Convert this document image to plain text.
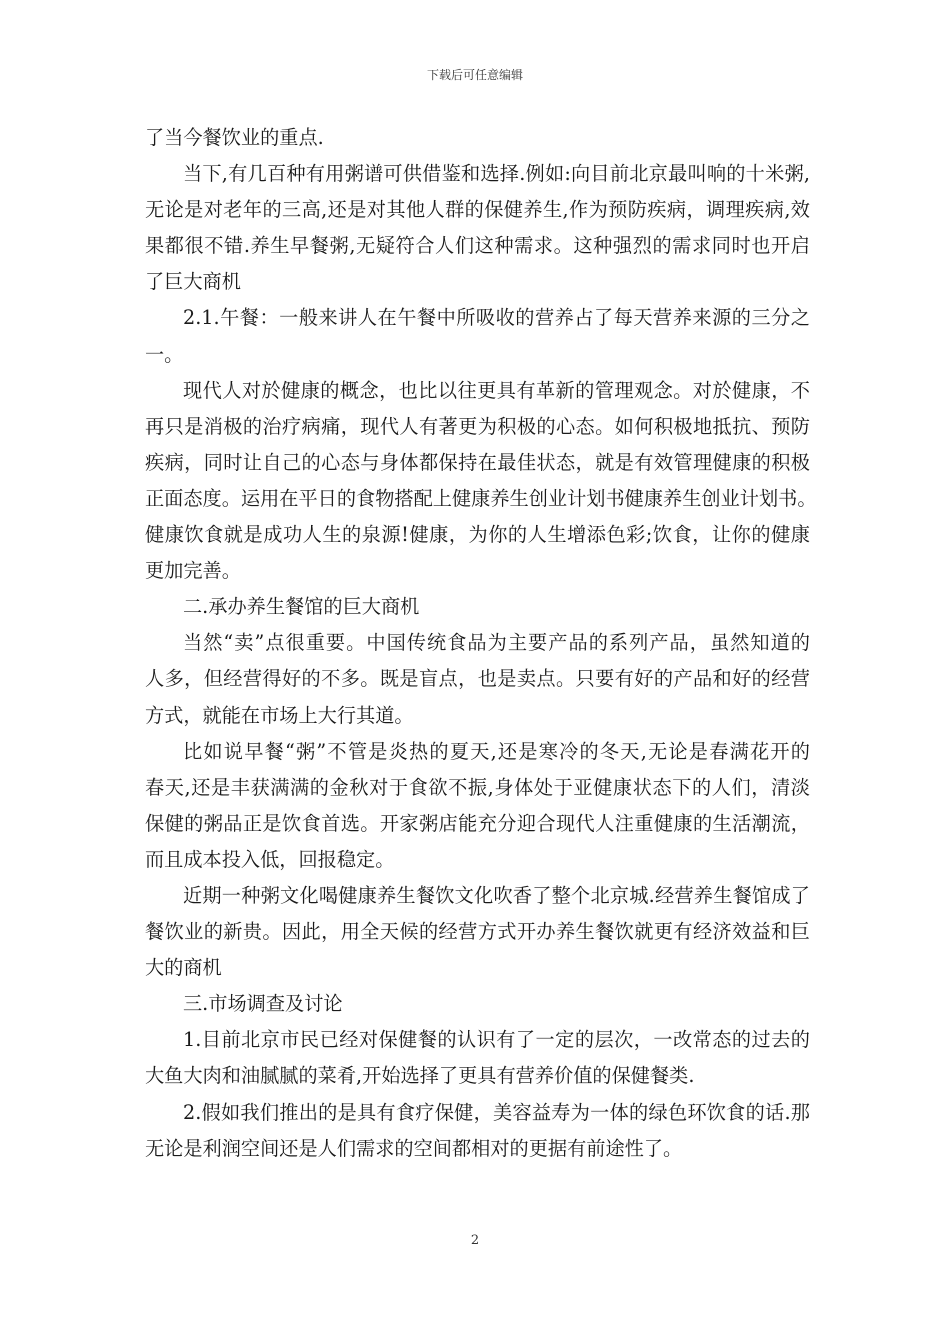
下载后可任意编辑
了当今餐饮业的重点.
当下,有几百种有用粥谱可供借鉴和选择.例如:向目前北京最叫响的十米粥,
无论是对老年的三高,还是对其他人群的保健养生,作为预防疾病，调理疾病,效
果都很不错.养生早餐粥,无疑符合人们这种需求。这种强烈的需求同时也开启
了巨大商机
2.1.午餐：一般来讲人在午餐中所吸收的营养占了每天营养来源的三分之
一。
现代人对於健康的概念，也比以往更具有革新的管理观念。对於健康，不
再只是消极的治疗病痛，现代人有著更为积极的心态。如何积极地抵抗、预防
疾病，同时让自己的心态与身体都保持在最佳状态，就是有效管理健康的积极
正面态度。运用在平日的食物搭配上健康养生创业计划书健康养生创业计划书。
健康饮食就是成功人生的泉源!健康，为你的人生增添色彩;饮食，让你的健康
更加完善。
二.承办养生餐馆的巨大商机
当然“卖”点很重要。中国传统食品为主要产品的系列产品，虽然知道的
人多，但经营得好的不多。既是盲点，也是卖点。只要有好的产品和好的经营
方式，就能在市场上大行其道。
比如说早餐“粥”不管是炎热的夏天,还是寒冷的冬天,无论是春满花开的
春天,还是丰获满满的金秋对于食欲不振,身体处于亚健康状态下的人们，清淡
保健的粥品正是饮食首选。开家粥店能充分迎合现代人注重健康的生活潮流，
而且成本投入低，回报稳定。
近期一种粥文化喝健康养生餐饮文化吹香了整个北京城.经营养生餐馆成了
餐饮业的新贵。因此，用全天候的经营方式开办养生餐饮就更有经济效益和巨
大的商机
三.市场调查及讨论
1.目前北京市民已经对保健餐的认识有了一定的层次，一改常态的过去的
大鱼大肉和油腻腻的菜肴,开始选择了更具有营养价值的保健餐类.
2.假如我们推出的是具有食疗保健，美容益寿为一体的绿色环饮食的话.那
无论是利润空间还是人们需求的空间都相对的更据有前途性了。
2
